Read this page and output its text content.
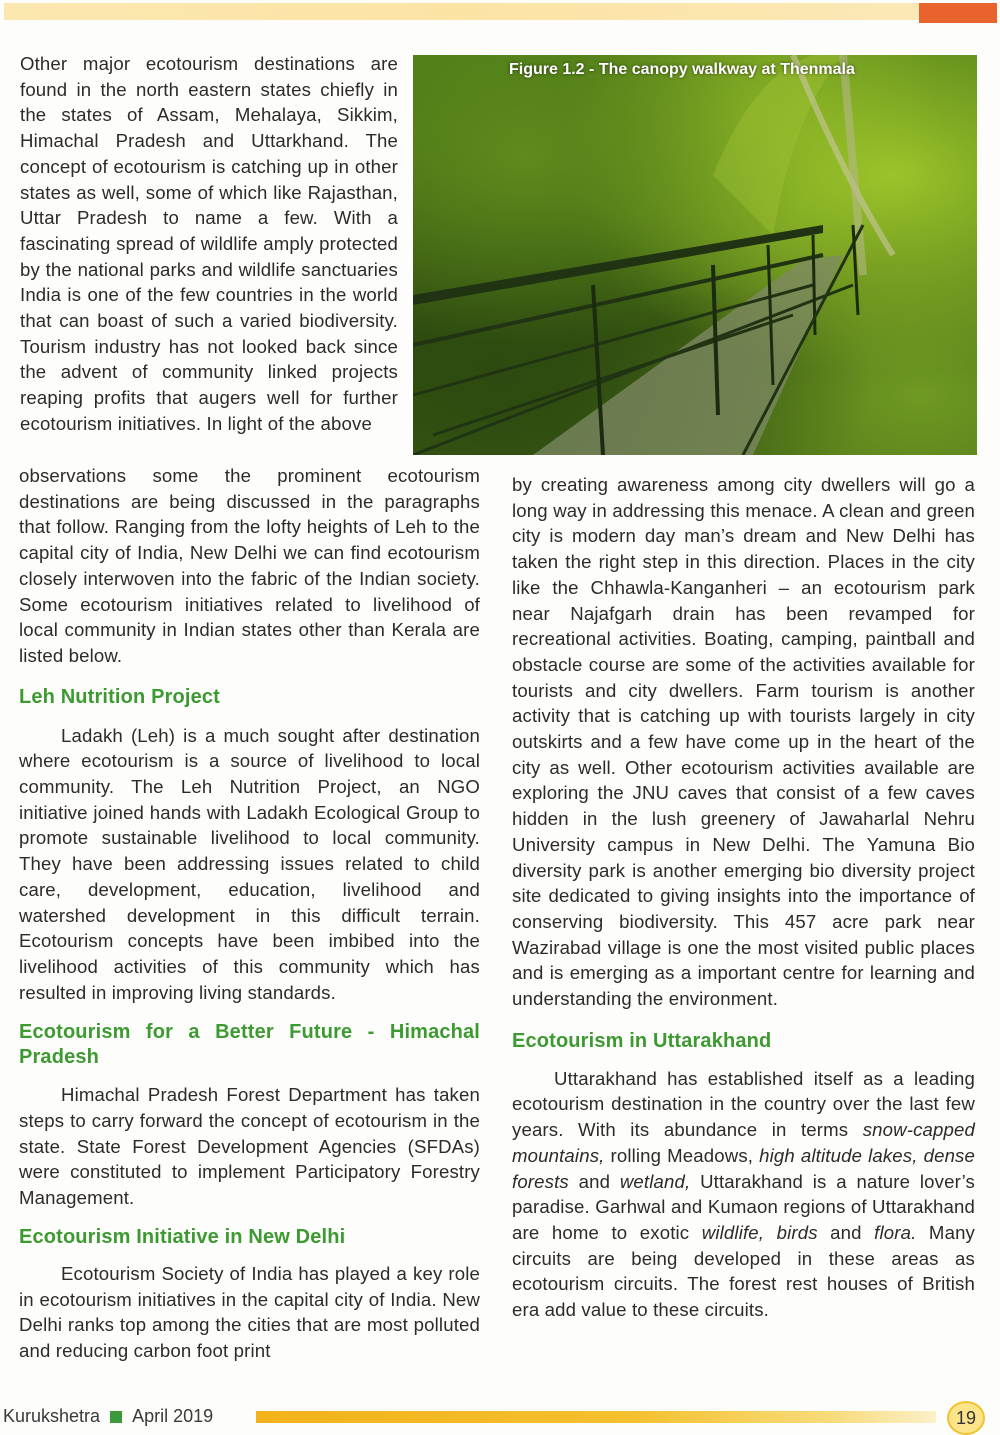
Other major ecotourism destinations are found in the north eastern states chiefly in the states of Assam, Mehalaya, Sikkim, Himachal Pradesh and Uttarkhand. The concept of ecotourism is catching up in other states as well, some of which like Rajasthan, Uttar Pradesh to name a few. With a fascinating spread of wildlife amply protected by the national parks and wildlife sanctuaries India is one of the few countries in the world that can boast of such a varied biodiversity. Tourism industry has not looked back since the advent of community linked projects reaping profits that augers well for further ecotourism initiatives. In light of the above

Figure 1.2 - The canopy walkway at Thenmala

observations some the prominent ecotourism destinations are being discussed in the paragraphs that follow. Ranging from the lofty heights of Leh to the capital city of India, New Delhi we can find ecotourism closely interwoven into the fabric of the Indian society. Some ecotourism initiatives related to livelihood of local community in Indian states other than Kerala are listed below.

Leh Nutrition Project

Ladakh (Leh) is a much sought after destination where ecotourism is a source of livelihood to local community. The Leh Nutrition Project, an NGO initiative joined hands with Ladakh Ecological Group to promote sustainable livelihood to local community. They have been addressing issues related to child care, development, education, livelihood and watershed development in this difficult terrain. Ecotourism concepts have been imbibed into the livelihood activities of this community which has resulted in improving living standards.

Ecotourism for a Better Future - Himachal Pradesh

Himachal Pradesh Forest Department has taken steps to carry forward the concept of ecotourism in the state. State Forest Development Agencies (SFDAs) were constituted to implement Participatory Forestry Management.

Ecotourism Initiative in New Delhi

Ecotourism Society of India has played a key role in ecotourism initiatives in the capital city of India. New Delhi ranks top among the cities that are most polluted and reducing carbon foot print

by creating awareness among city dwellers will go a long way in addressing this menace. A clean and green city is modern day man’s dream and New Delhi has taken the right step in this direction. Places in the city like the Chhawla-Kanganheri – an ecotourism park near Najafgarh drain has been revamped for recreational activities. Boating, camping, paintball and obstacle course are some of the activities available for tourists and city dwellers. Farm tourism is another activity that is catching up with tourists largely in city outskirts and a few have come up in the heart of the city as well. Other ecotourism activities available are exploring the JNU caves that consist of a few caves hidden in the lush greenery of Jawaharlal Nehru University campus in New Delhi. The Yamuna Bio diversity park is another emerging bio diversity project site dedicated to giving insights into the importance of conserving biodiversity. This 457 acre park near Wazirabad village is one the most visited public places and is emerging as a important centre for learning and understanding the environment.

Ecotourism in Uttarakhand

Uttarakhand has established itself as a leading ecotourism destination in the country over the last few years. With its abundance in terms snow-capped mountains, rolling Meadows, high altitude lakes, dense forests and wetland, Uttarakhand is a nature lover’s paradise. Garhwal and Kumaon regions of Uttarakhand are home to exotic wildlife, birds and flora. Many circuits are being developed in these areas as ecotourism circuits. The forest rest houses of British era add value to these circuits.

Kurukshetra April 2019	19
